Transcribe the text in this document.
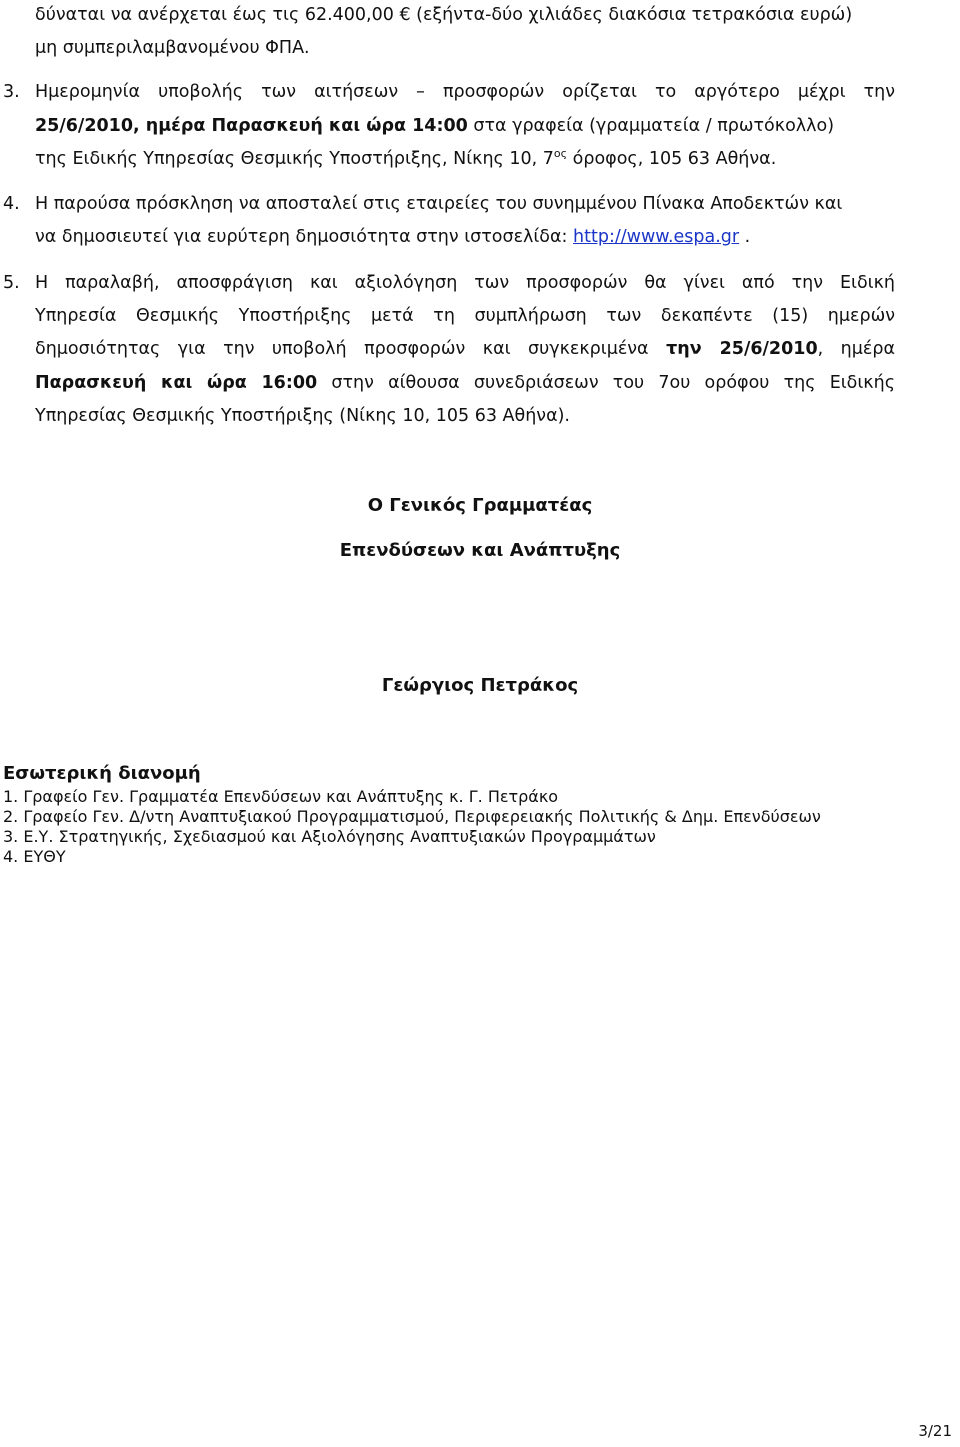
δύναται να ανέρχεται έως τις 62.400,00 € (εξήντα-δύο χιλιάδες διακόσια τετρακόσια ευρώ)
μη συμπεριλαμβανομένου ΦΠΑ.
3. Ημερομηνία υποβολής των αιτήσεων – προσφορών ορίζεται το αργότερο μέχρι την
25/6/2010, ημέρα Παρασκευή και ώρα 14:00 στα γραφεία (γραμματεία / πρωτόκολλο)
της Ειδικής Υπηρεσίας Θεσμικής Υποστήριξης, Νίκης 10, $7^{o\varsigma}$ όροφος, 105 63 Αθήνα.
4. Η παρούσα πρόσκληση να αποσταλεί στις εταιρείες του συνημμένου Πίνακα Αποδεκτών και
να δημοσιευτεί για ευρύτερη δημοσιότητα στην ιστοσελίδα: http://www.espa.gr .
5. Η παραλαβή, αποσφράγιση και αξιολόγηση των προσφορών θα γίνει από την Ειδική
Υπηρεσία Θεσμικής Υποστήριξης μετά τη συμπλήρωση των δεκαπέντε (15) ημερών
δημοσιότητας για την υποβολή προσφορών και συγκεκριμένα την 25/6/2010, ημέρα
Παρασκευή και ώρα 16:00 στην αίθουσα συνεδριάσεων του 7ου ορόφου της Ειδικής
Υπηρεσίας Θεσμικής Υποστήριξης (Νίκης 10, 105 63 Αθήνα).
Ο Γενικός Γραμματέας
Επενδύσεων και Ανάπτυξης
Γεώργιος Πετράκος
Εσωτερική διανομή
1. Γραφείο Γεν. Γραμματέα Επενδύσεων και Ανάπτυξης κ. Γ. Πετράκο
2. Γραφείο Γεν. Δ/ντη Αναπτυξιακού Προγραμματισμού, Περιφερειακής Πολιτικής & Δημ. Επενδύσεων
3. Ε.Υ. Στρατηγικής, Σχεδιασμού και Αξιολόγησης Αναπτυξιακών Προγραμμάτων
4. ΕΥΘΥ
3/21
